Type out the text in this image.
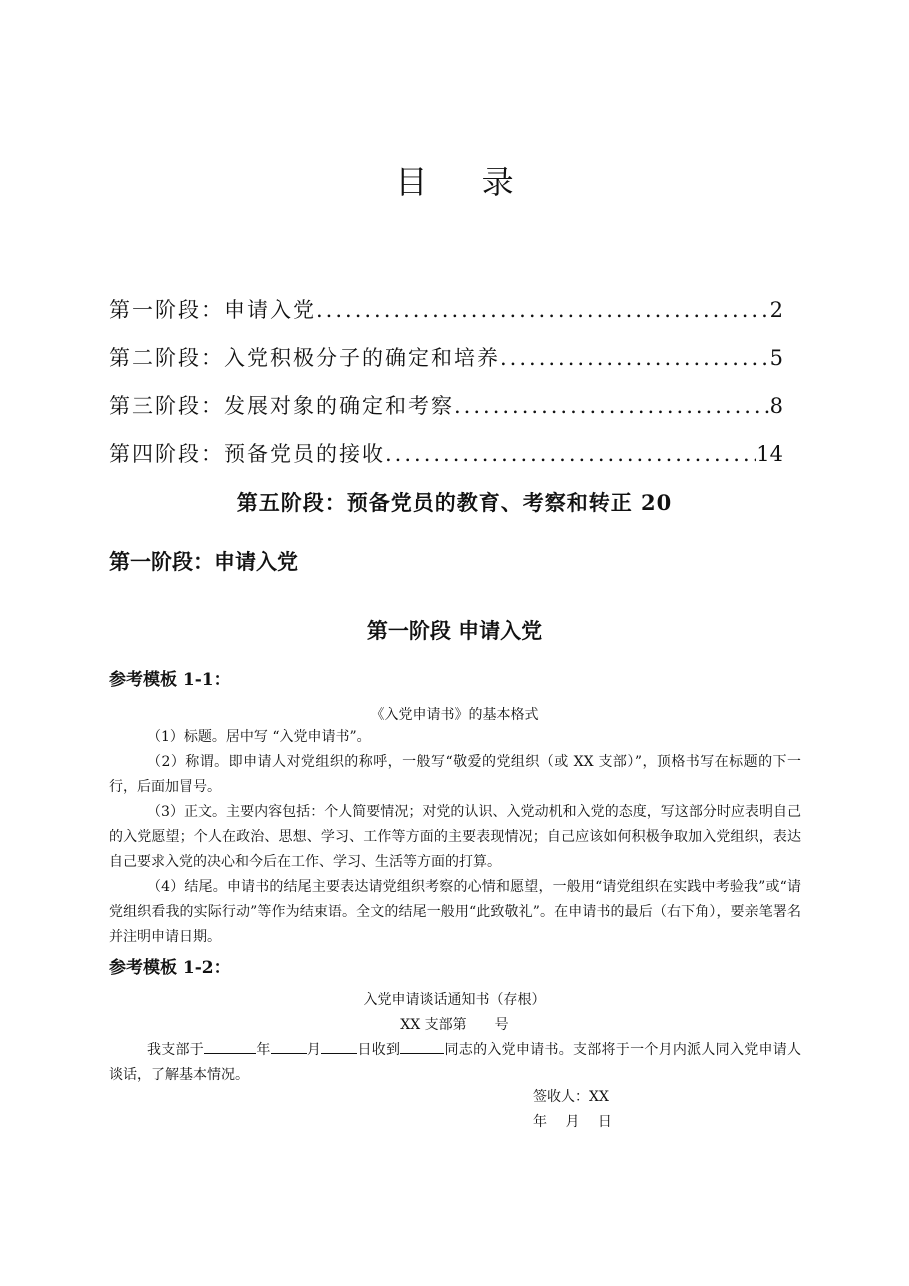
目 录
第一阶段：申请入党 .....	2
第二阶段：入党积极分子的确定和培养 .....	5
第三阶段：发展对象的确定和考察 .....	8
第四阶段：预备党员的接收 .....	14
第五阶段：预备党员的教育、考察和转正 20
第一阶段：申请入党
第一阶段 申请入党
参考模板 1-1：
《入党申请书》的基本格式

（1）标题。居中写 “入党申请书”。

（2）称谓。即申请人对党组织的称呼，一般写“敬爱的党组织（或 XX 支部）”，顶格书写在标题的下一行，后面加冒号。

（3）正文。主要内容包括：个人简要情况；对党的认识、入党动机和入党的态度，写这部分时应表明自己的入党愿望；个人在政治、思想、学习、工作等方面的主要表现情况；自己应该如何积极争取加入党组织，表达自己要求入党的决心和今后在工作、学习、生活等方面的打算。

（4）结尾。申请书的结尾主要表达请党组织考察的心情和愿望，一般用“请党组织在实践中考验我”或“请党组织看我的实际行动”等作为结束语。全文的结尾一般用“此致敬礼”。在申请书的最后（右下角），要亲笔署名并注明申请日期。

参考模板 1-2：
入党申请谈话通知书（存根）
XX 支部第　　号

我支部于	年	月	日收到	同志的入党申请书。支部将于一个月内派人同入党申请人谈话，了解基本情况。

签收人：XX
年　 月　 日
